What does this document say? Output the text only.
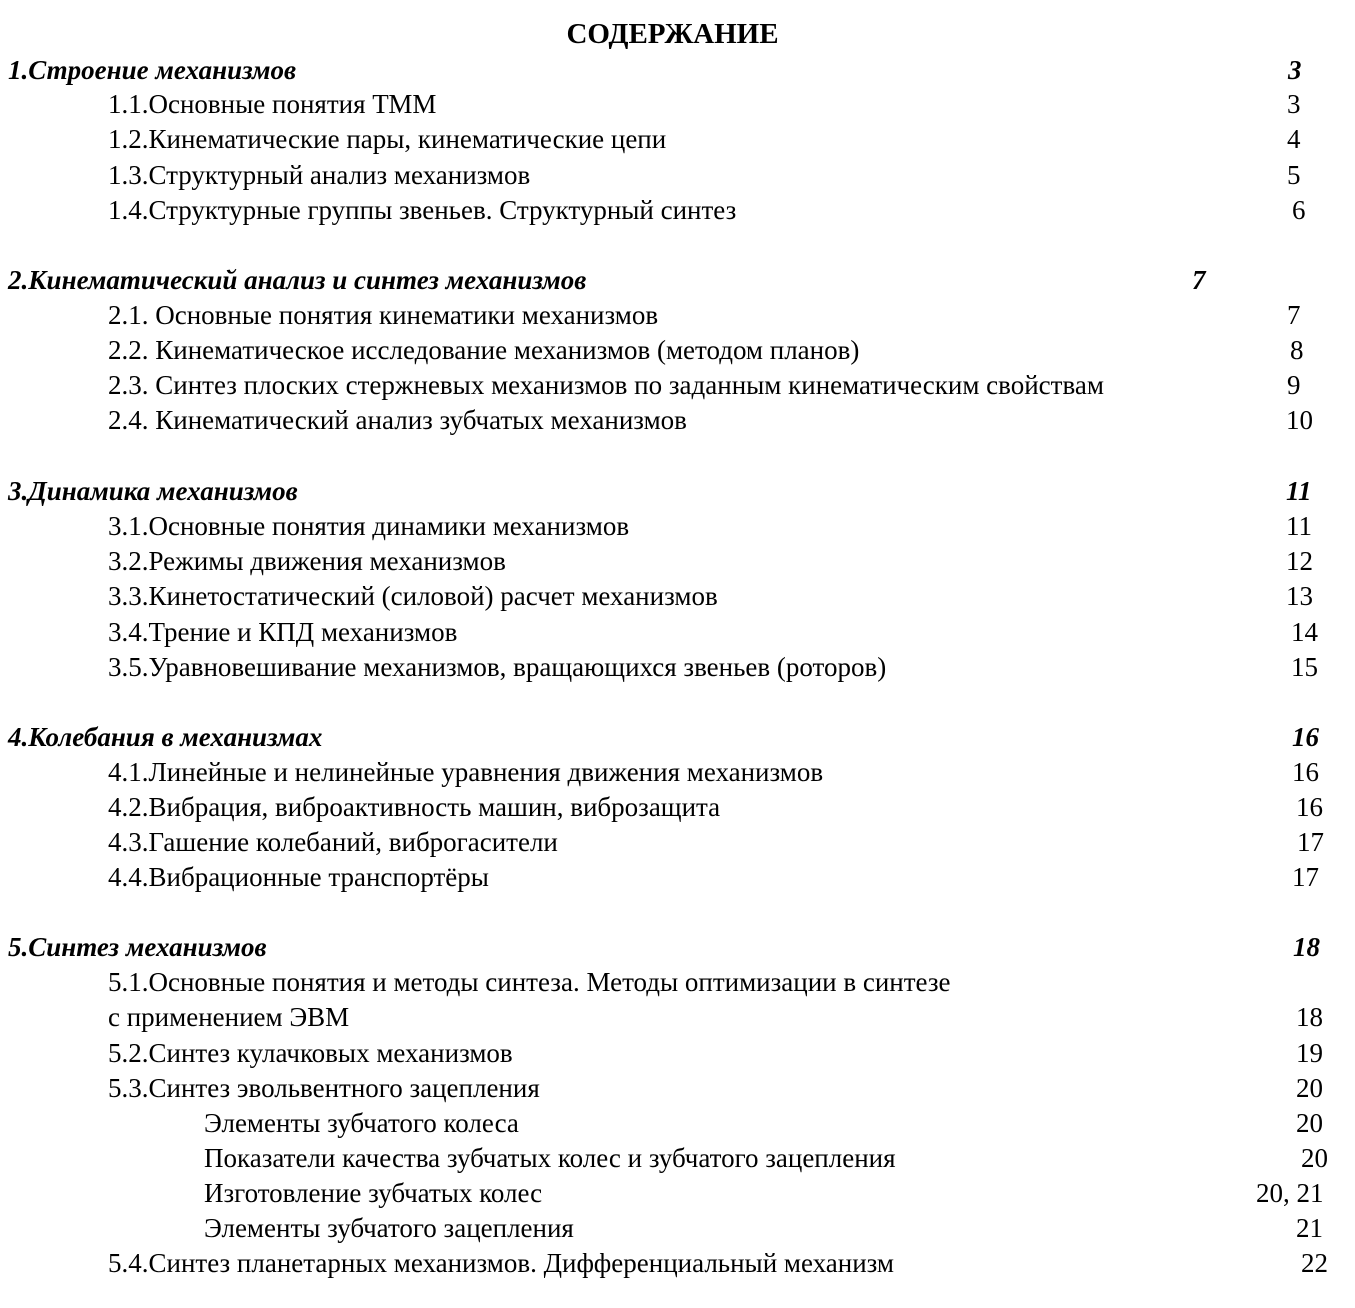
СОДЕРЖАНИЕ
1.Строение механизмов	3
1.1.Основные понятия ТММ	3
1.2.Кинематические пары, кинематические цепи	4
1.3.Структурный анализ механизмов	5
1.4.Структурные группы звеньев. Структурный синтез	6
2.Кинематический анализ и синтез механизмов	7
2.1. Основные понятия кинематики механизмов	7
2.2. Кинематическое исследование механизмов (методом планов)	8
2.3. Синтез плоских стержневых механизмов по заданным кинематическим свойствам	9
2.4. Кинематический анализ зубчатых механизмов	10
3.Динамика механизмов	11
3.1.Основные понятия динамики механизмов	11
3.2.Режимы движения механизмов	12
3.3.Кинетостатический (силовой) расчет механизмов	13
3.4.Трение и КПД механизмов	14
3.5.Уравновешивание механизмов, вращающихся звеньев (роторов)	15
4.Колебания в механизмах	16
4.1.Линейные и нелинейные уравнения движения механизмов	16
4.2.Вибрация, виброактивность машин, виброзащита	16
4.3.Гашение колебаний, виброгасители	17
4.4.Вибрационные транспортёры	17
5.Синтез механизмов	18
5.1.Основные понятия и методы синтеза. Методы оптимизации в синтезе
с применением ЭВМ	18
5.2.Синтез кулачковых механизмов	19
5.3.Синтез эвольвентного зацепления	20
Элементы зубчатого колеса	20
Показатели качества зубчатых колес и зубчатого зацепления	20
Изготовление зубчатых колес	20, 21
Элементы зубчатого зацепления	21
5.4.Синтез планетарных механизмов. Дифференциальный механизм	22
